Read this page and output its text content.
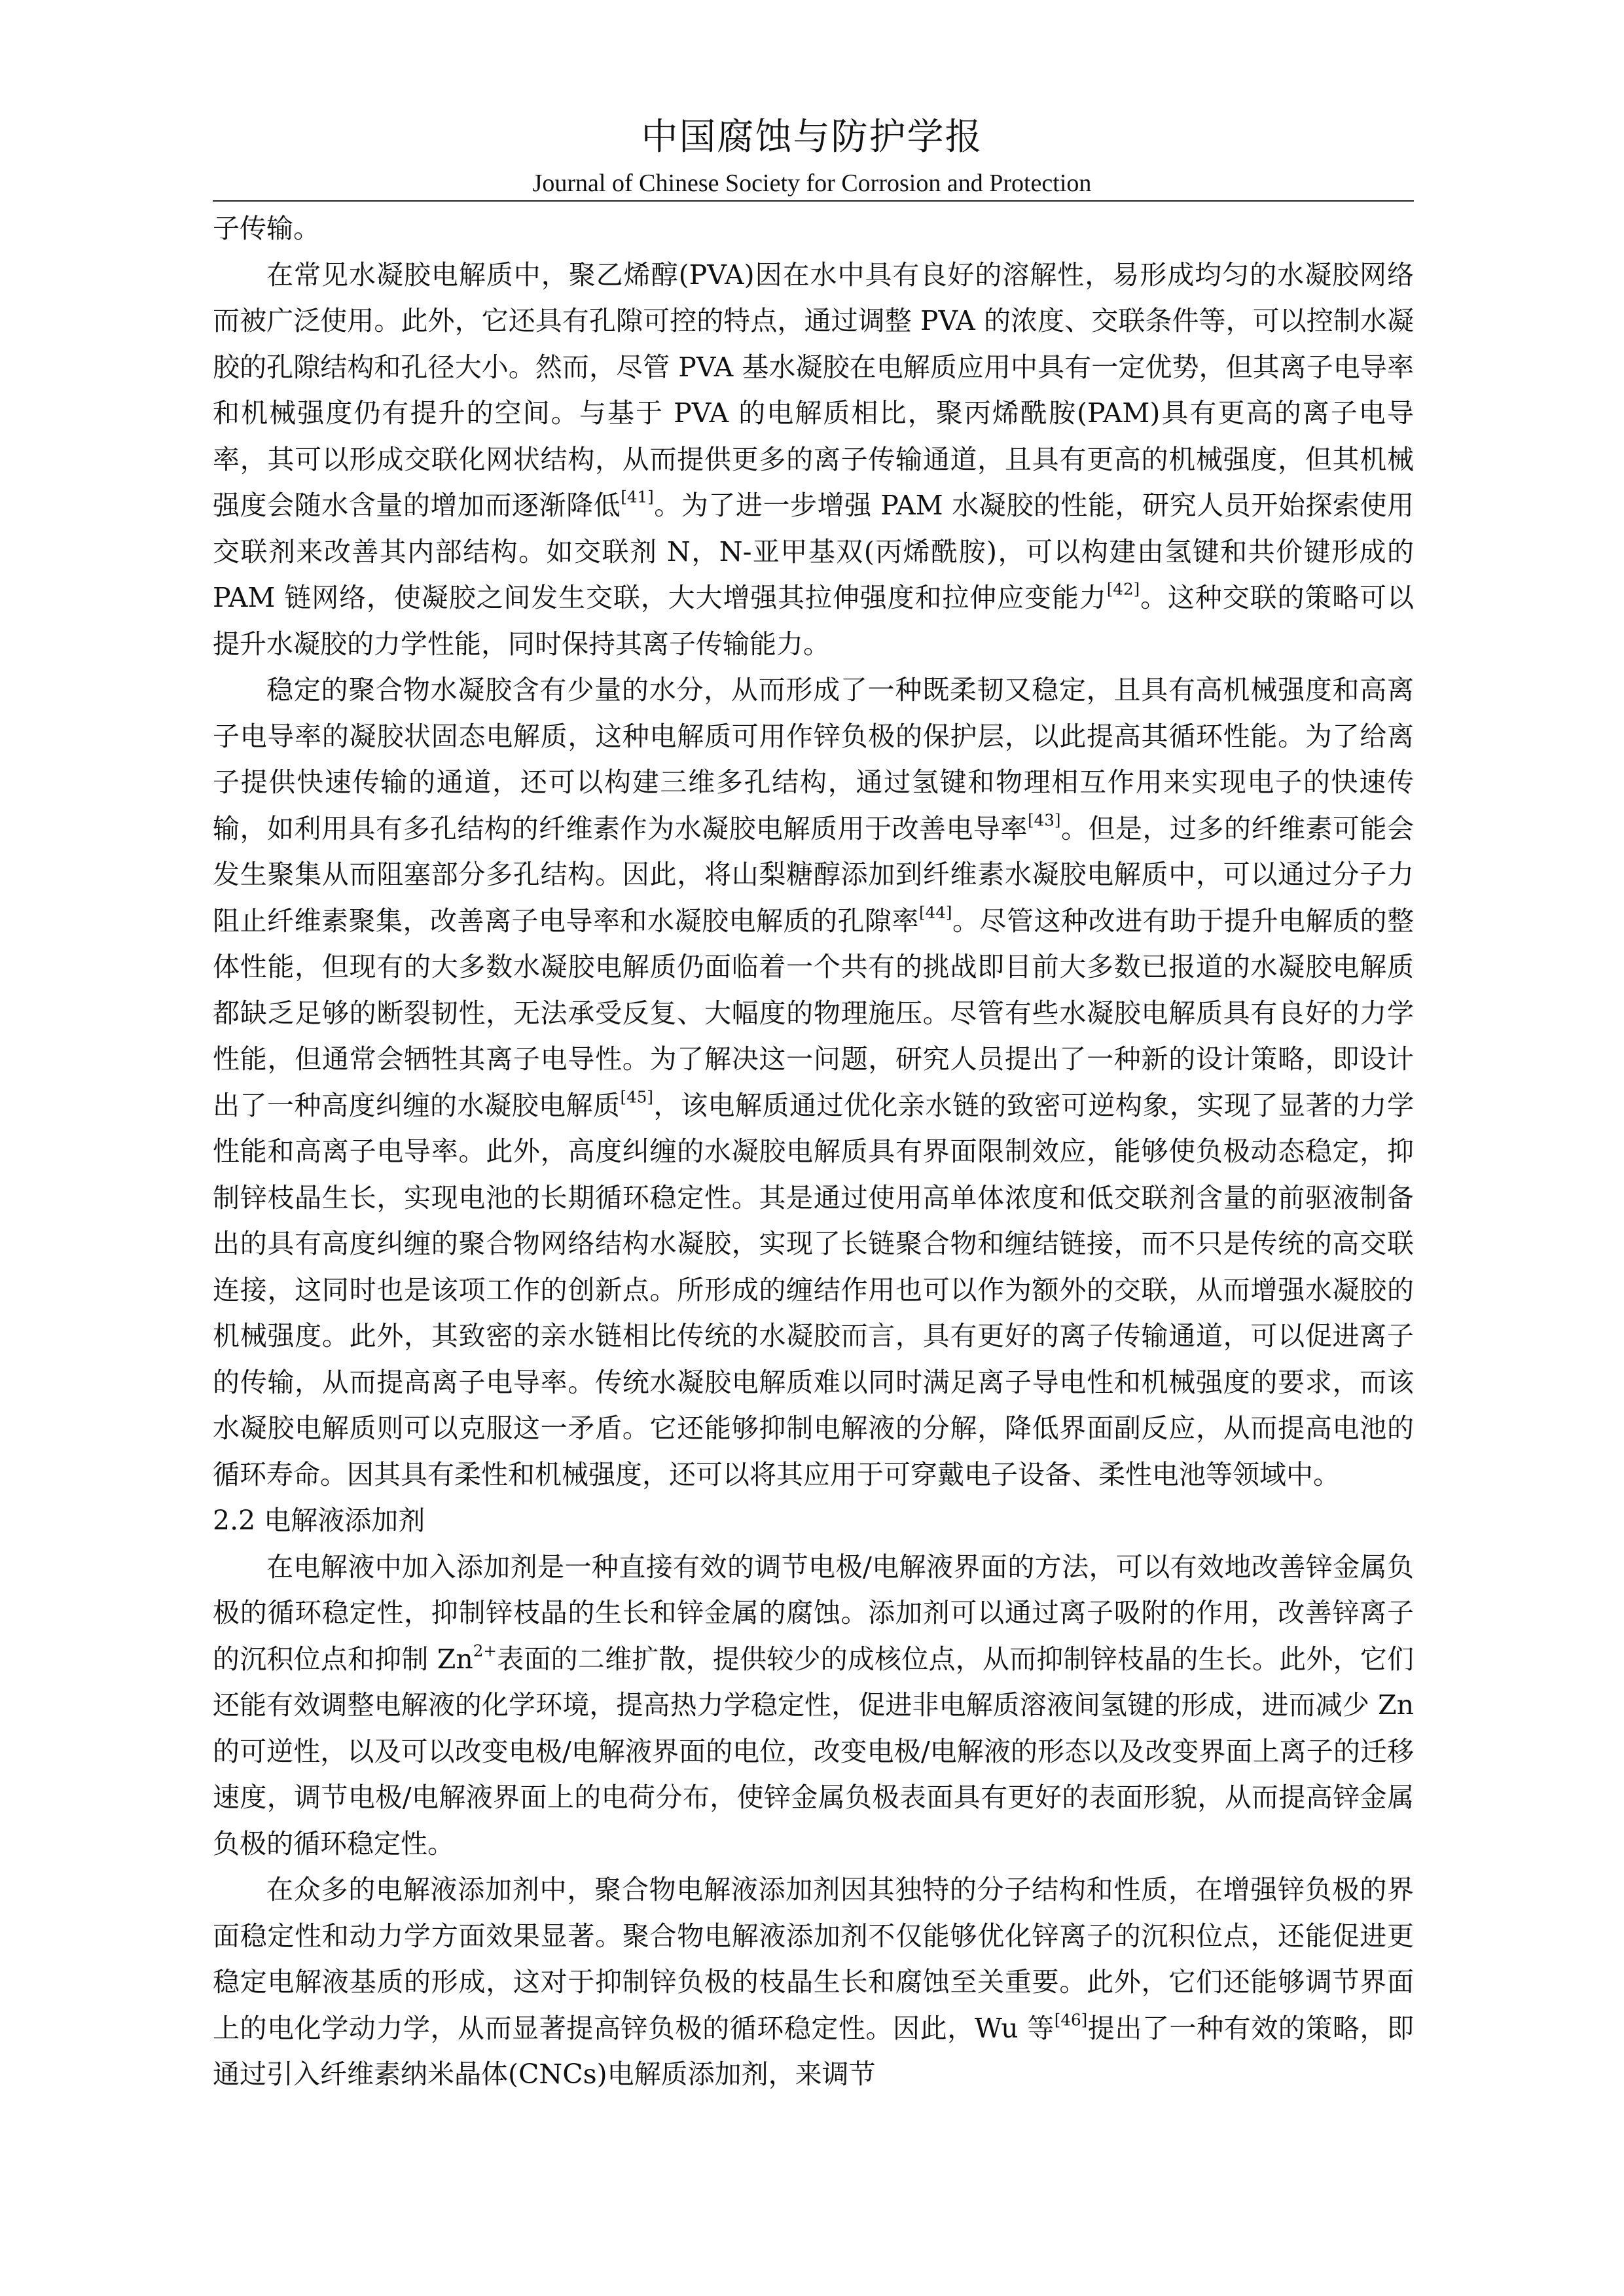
中国腐蚀与防护学报
Journal of Chinese Society for Corrosion and Protection

子传输。

在常见水凝胶电解质中，聚乙烯醇(PVA)因在水中具有良好的溶解性，易形成均匀的水凝胶网络而被广泛使用。此外，它还具有孔隙可控的特点，通过调整 PVA 的浓度、交联条件等，可以控制水凝胶的孔隙结构和孔径大小。然而，尽管 PVA 基水凝胶在电解质应用中具有一定优势，但其离子电导率和机械强度仍有提升的空间。与基于 PVA 的电解质相比，聚丙烯酰胺(PAM)具有更高的离子电导率，其可以形成交联化网状结构，从而提供更多的离子传输通道，且具有更高的机械强度，但其机械强度会随水含量的增加而逐渐降低[41]。为了进一步增强 PAM 水凝胶的性能，研究人员开始探索使用交联剂来改善其内部结构。如交联剂 N，N-亚甲基双(丙烯酰胺)，可以构建由氢键和共价键形成的 PAM 链网络，使凝胶之间发生交联，大大增强其拉伸强度和拉伸应变能力[42]。这种交联的策略可以提升水凝胶的力学性能，同时保持其离子传输能力。

稳定的聚合物水凝胶含有少量的水分，从而形成了一种既柔韧又稳定，且具有高机械强度和高离子电导率的凝胶状固态电解质，这种电解质可用作锌负极的保护层，以此提高其循环性能。为了给离子提供快速传输的通道，还可以构建三维多孔结构，通过氢键和物理相互作用来实现电子的快速传输，如利用具有多孔结构的纤维素作为水凝胶电解质用于改善电导率[43]。但是，过多的纤维素可能会发生聚集从而阻塞部分多孔结构。因此，将山梨糖醇添加到纤维素水凝胶电解质中，可以通过分子力阻止纤维素聚集，改善离子电导率和水凝胶电解质的孔隙率[44]。尽管这种改进有助于提升电解质的整体性能，但现有的大多数水凝胶电解质仍面临着一个共有的挑战即目前大多数已报道的水凝胶电解质都缺乏足够的断裂韧性，无法承受反复、大幅度的物理施压。尽管有些水凝胶电解质具有良好的力学性能，但通常会牺牲其离子电导性。为了解决这一问题，研究人员提出了一种新的设计策略，即设计出了一种高度纠缠的水凝胶电解质[45]，该电解质通过优化亲水链的致密可逆构象，实现了显著的力学性能和高离子电导率。此外，高度纠缠的水凝胶电解质具有界面限制效应，能够使负极动态稳定，抑制锌枝晶生长，实现电池的长期循环稳定性。其是通过使用高单体浓度和低交联剂含量的前驱液制备出的具有高度纠缠的聚合物网络结构水凝胶，实现了长链聚合物和缠结链接，而不只是传统的高交联连接，这同时也是该项工作的创新点。所形成的缠结作用也可以作为额外的交联，从而增强水凝胶的机械强度。此外，其致密的亲水链相比传统的水凝胶而言，具有更好的离子传输通道，可以促进离子的传输，从而提高离子电导率。传统水凝胶电解质难以同时满足离子导电性和机械强度的要求，而该水凝胶电解质则可以克服这一矛盾。它还能够抑制电解液的分解，降低界面副反应，从而提高电池的循环寿命。因其具有柔性和机械强度，还可以将其应用于可穿戴电子设备、柔性电池等领域中。

2.2 电解液添加剂

在电解液中加入添加剂是一种直接有效的调节电极/电解液界面的方法，可以有效地改善锌金属负极的循环稳定性，抑制锌枝晶的生长和锌金属的腐蚀。添加剂可以通过离子吸附的作用，改善锌离子的沉积位点和抑制 $Zn^{2+}$表面的二维扩散，提供较少的成核位点，从而抑制锌枝晶的生长。此外，它们还能有效调整电解液的化学环境，提高热力学稳定性，促进非电解质溶液间氢键的形成，进而减少 Zn 的可逆性，以及可以改变电极/电解液界面的电位，改变电极/电解液的形态以及改变界面上离子的迁移速度，调节电极/电解液界面上的电荷分布，使锌金属负极表面具有更好的表面形貌，从而提高锌金属负极的循环稳定性。

在众多的电解液添加剂中，聚合物电解液添加剂因其独特的分子结构和性质，在增强锌负极的界面稳定性和动力学方面效果显著。聚合物电解液添加剂不仅能够优化锌离子的沉积位点，还能促进更稳定电解液基质的形成，这对于抑制锌负极的枝晶生长和腐蚀至关重要。此外，它们还能够调节界面上的电化学动力学，从而显著提高锌负极的循环稳定性。因此，Wu 等[46]提出了一种有效的策略，即通过引入纤维素纳米晶体(CNCs)电解质添加剂，来调节
